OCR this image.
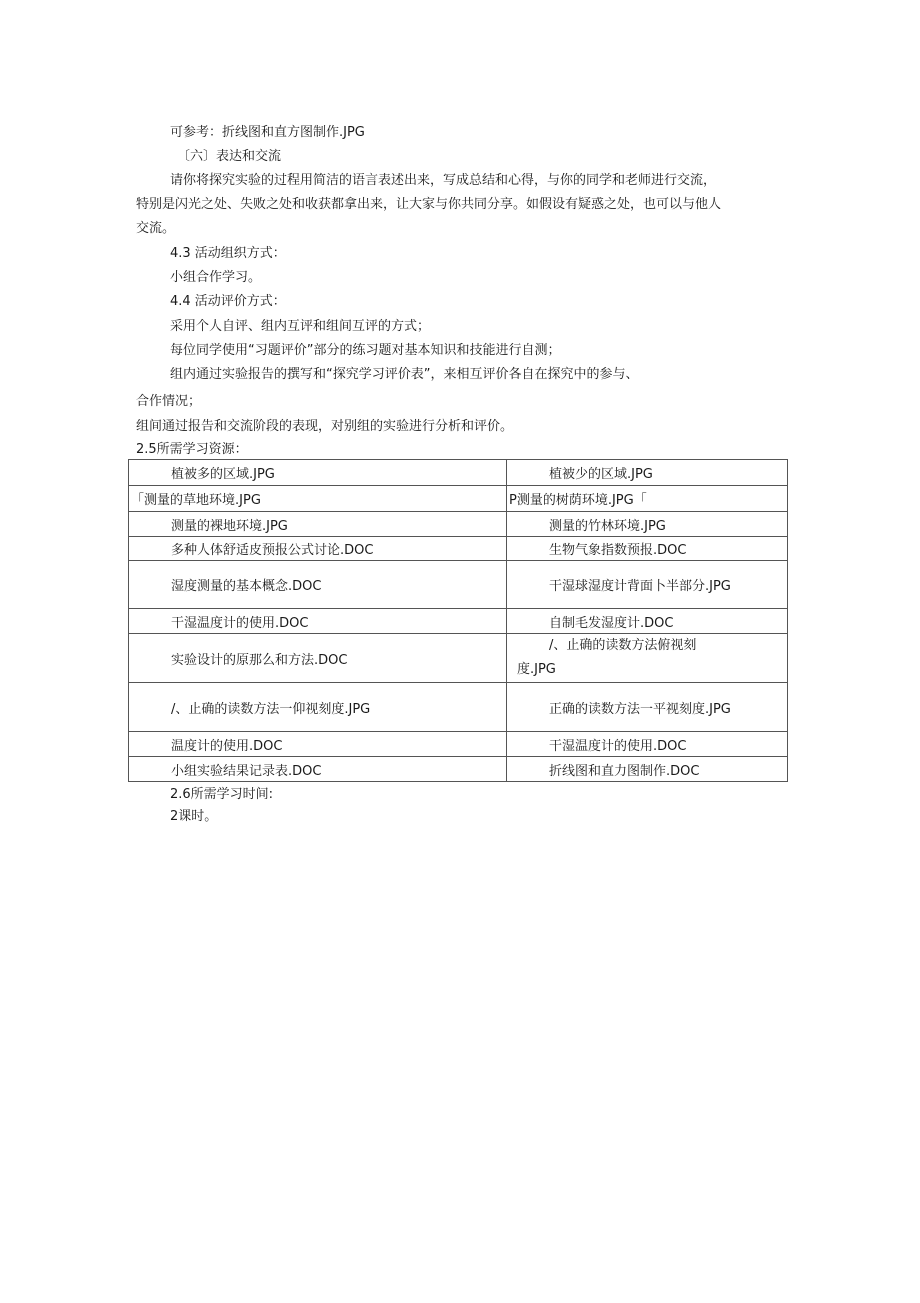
可参考：折线图和直方图制作.JPG
〔六〕表达和交流
请你将探究实验的过程用简洁的语言表述出来，写成总结和心得，与你的同学和老师进行交流，
特别是闪光之处、失败之处和收获都拿出来，让大家与你共同分享。如假设有疑惑之处，也可以与他人
交流。
4.3 活动组织方式：
小组合作学习。
4.4 活动评价方式：
采用个人自评、组内互评和组间互评的方式；
每位同学使用“习题评价”部分的练习题对基本知识和技能进行自测；
组内通过实验报告的撰写和“探究学习评价表”，来相互评价各自在探究中的参与、
合作情况；
组间通过报告和交流阶段的表现，对别组的实验进行分析和评价。
2.5所需学习资源：
植被多的区域.JPG	植被少的区域.JPG
「测量的草地环境.JPG	P测量的树荫环境.JPG「
测量的裸地环境.JPG	测量的竹林环境.JPG
多种人体舒适皮预报公式讨论.DOC	生物气象指数预报.DOC
湿度测量的基本概念.DOC	干湿球湿度计背面卜半部分.JPG
干湿温度计的使用.DOC	自制毛发湿度计.DOC
实验设计的原那么和方法.DOC	/、止确的读数方法俯视刻
度.JPG

/、止确的读数方法一仰视刻度.JPG	正确的读数方法一平视刻度.JPG
温度计的使用.DOC	干湿温度计的使用.DOC
小组实验结果记录表.DOC	折线图和直力图制作.DOC
2.6所需学习时间:
2课时。
